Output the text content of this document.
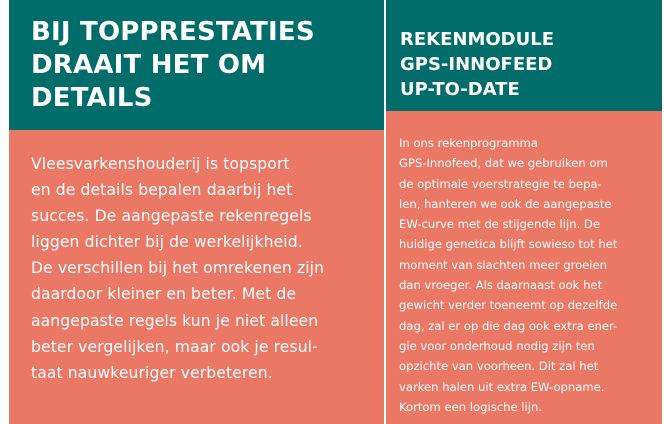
BIJ TOPPRESTATIES
DRAAIT HET OM
DETAILS
Vleesvarkenshouderij is topsport
en de details bepalen daarbij het
succes. De aangepaste rekenregels
liggen dichter bij de werkelijkheid.
De verschillen bij het omrekenen zijn
daardoor kleiner en beter. Met de
aangepaste regels kun je niet alleen
beter vergelijken, maar ook je resul-
taat nauwkeuriger verbeteren.
REKENMODULE
GPS-INNOFEED
UP-TO-DATE
In ons rekenprogramma
GPS-Innofeed, dat we gebruiken om
de optimale voerstrategie te bepa-
len, hanteren we ook de aangepaste
EW-curve met de stijgende lijn. De
huidige genetica blijft sowieso tot het
moment van slachten meer groeien
dan vroeger. Als daarnaast ook het
gewicht verder toeneemt op dezelfde
dag, zal er op die dag ook extra ener-
gie voor onderhoud nodig zijn ten
opzichte van voorheen. Dit zal het
varken halen uit extra EW-opname.
Kortom een logische lijn.
